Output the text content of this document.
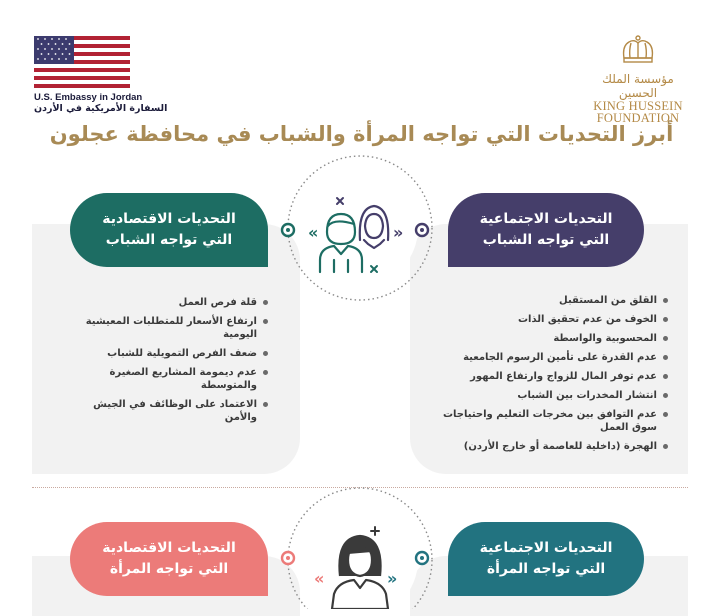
U.S. Embassy in Jordan
السفارة الأمريكية في الأردن
مؤسسة الملك الحسين
KING HUSSEIN
FOUNDATION
أبرز التحديات التي تواجه المرأة والشباب في محافظة عجلون
التحديات الاقتصادية
التي تواجه الشباب
التحديات الاجتماعية
التي تواجه الشباب
«	»
قلة فرص العمل
ارتفاع الأسعار للمتطلبات المعيشية اليومية
ضعف الفرص التمويلية للشباب
عدم ديمومة المشاريع الصغيرة والمتوسطة
الاعتماد على الوظائف في الجيش والأمن
القلق من المستقبل
الخوف من عدم تحقيق الذات
المحسوبية والواسطة
عدم القدرة على تأمين الرسوم الجامعية
عدم توفر المال للزواج وارتفاع المهور
انتشار المخدرات بين الشباب
عدم التوافق بين مخرجات التعليم واحتياجات سوق العمل
الهجرة (داخلية للعاصمة أو خارج الأردن)
التحديات الاقتصادية
التي تواجه المرأة
التحديات الاجتماعية
التي تواجه المرأة
«	»
